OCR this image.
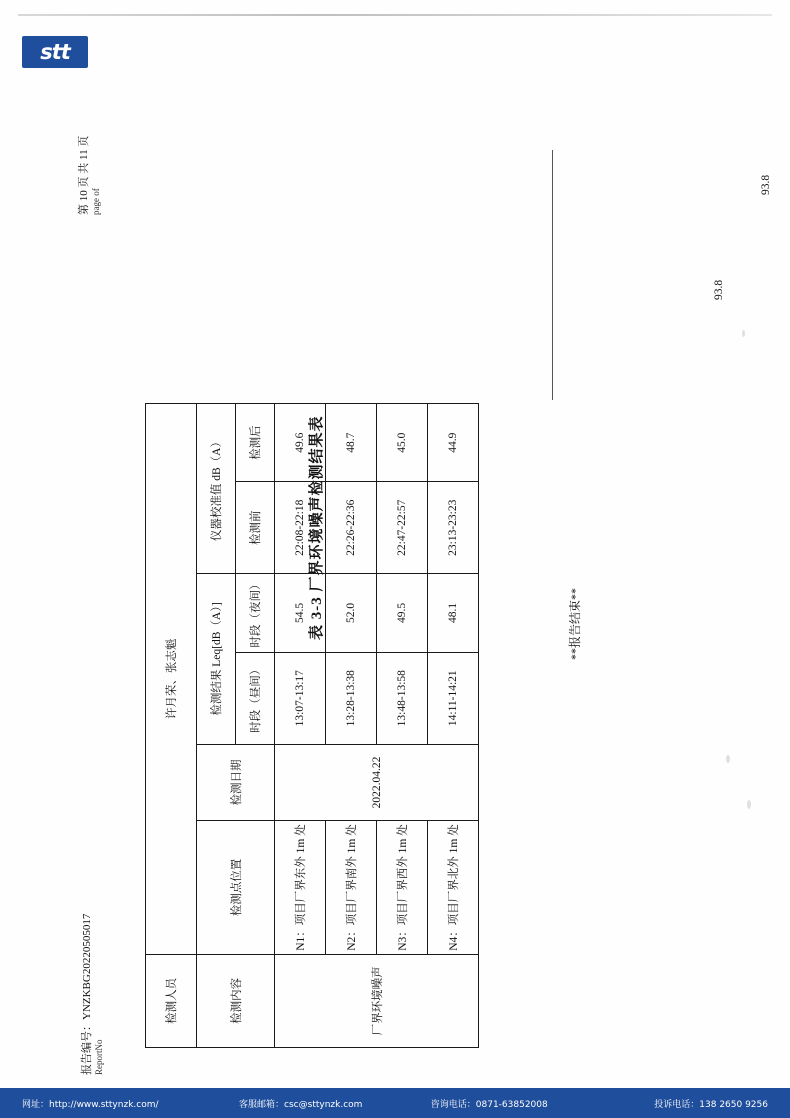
stt
报告编号：YNZKBG20220505017 ReportNo
第 10 页 共 11 页 page of
表 3-3 厂界环境噪声检测结果表
检测人员	许月荣、张志魁					
检测内容	检测点位置	检测日期	检测结果 Leq[dB（A）]		仪器校准值 dB（A）	
			时段（昼间）	时段（夜间）	检测前	检测后
厂界环境噪声	N1：项目厂界东外 1m 处	2022.04.22	13:07-13:17	54.5	22:08-22:18	49.6
	N2：项目厂界南外 1m 处		13:28-13:38	52.0	22:26-22:36	48.7
	N3：项目厂界西外 1m 处		13:48-13:58	49.5	22:47-22:57	45.0
	N4：项目厂界北外 1m 处		14:11-14:21	48.1	23:13-23:23	44.9
**报告结束**
93.8
93.8
网址：http://www.sttynzk.com/	客服邮箱：csc@sttynzk.com	咨询电话：0871-63852008	投诉电话：138 2650 9256
